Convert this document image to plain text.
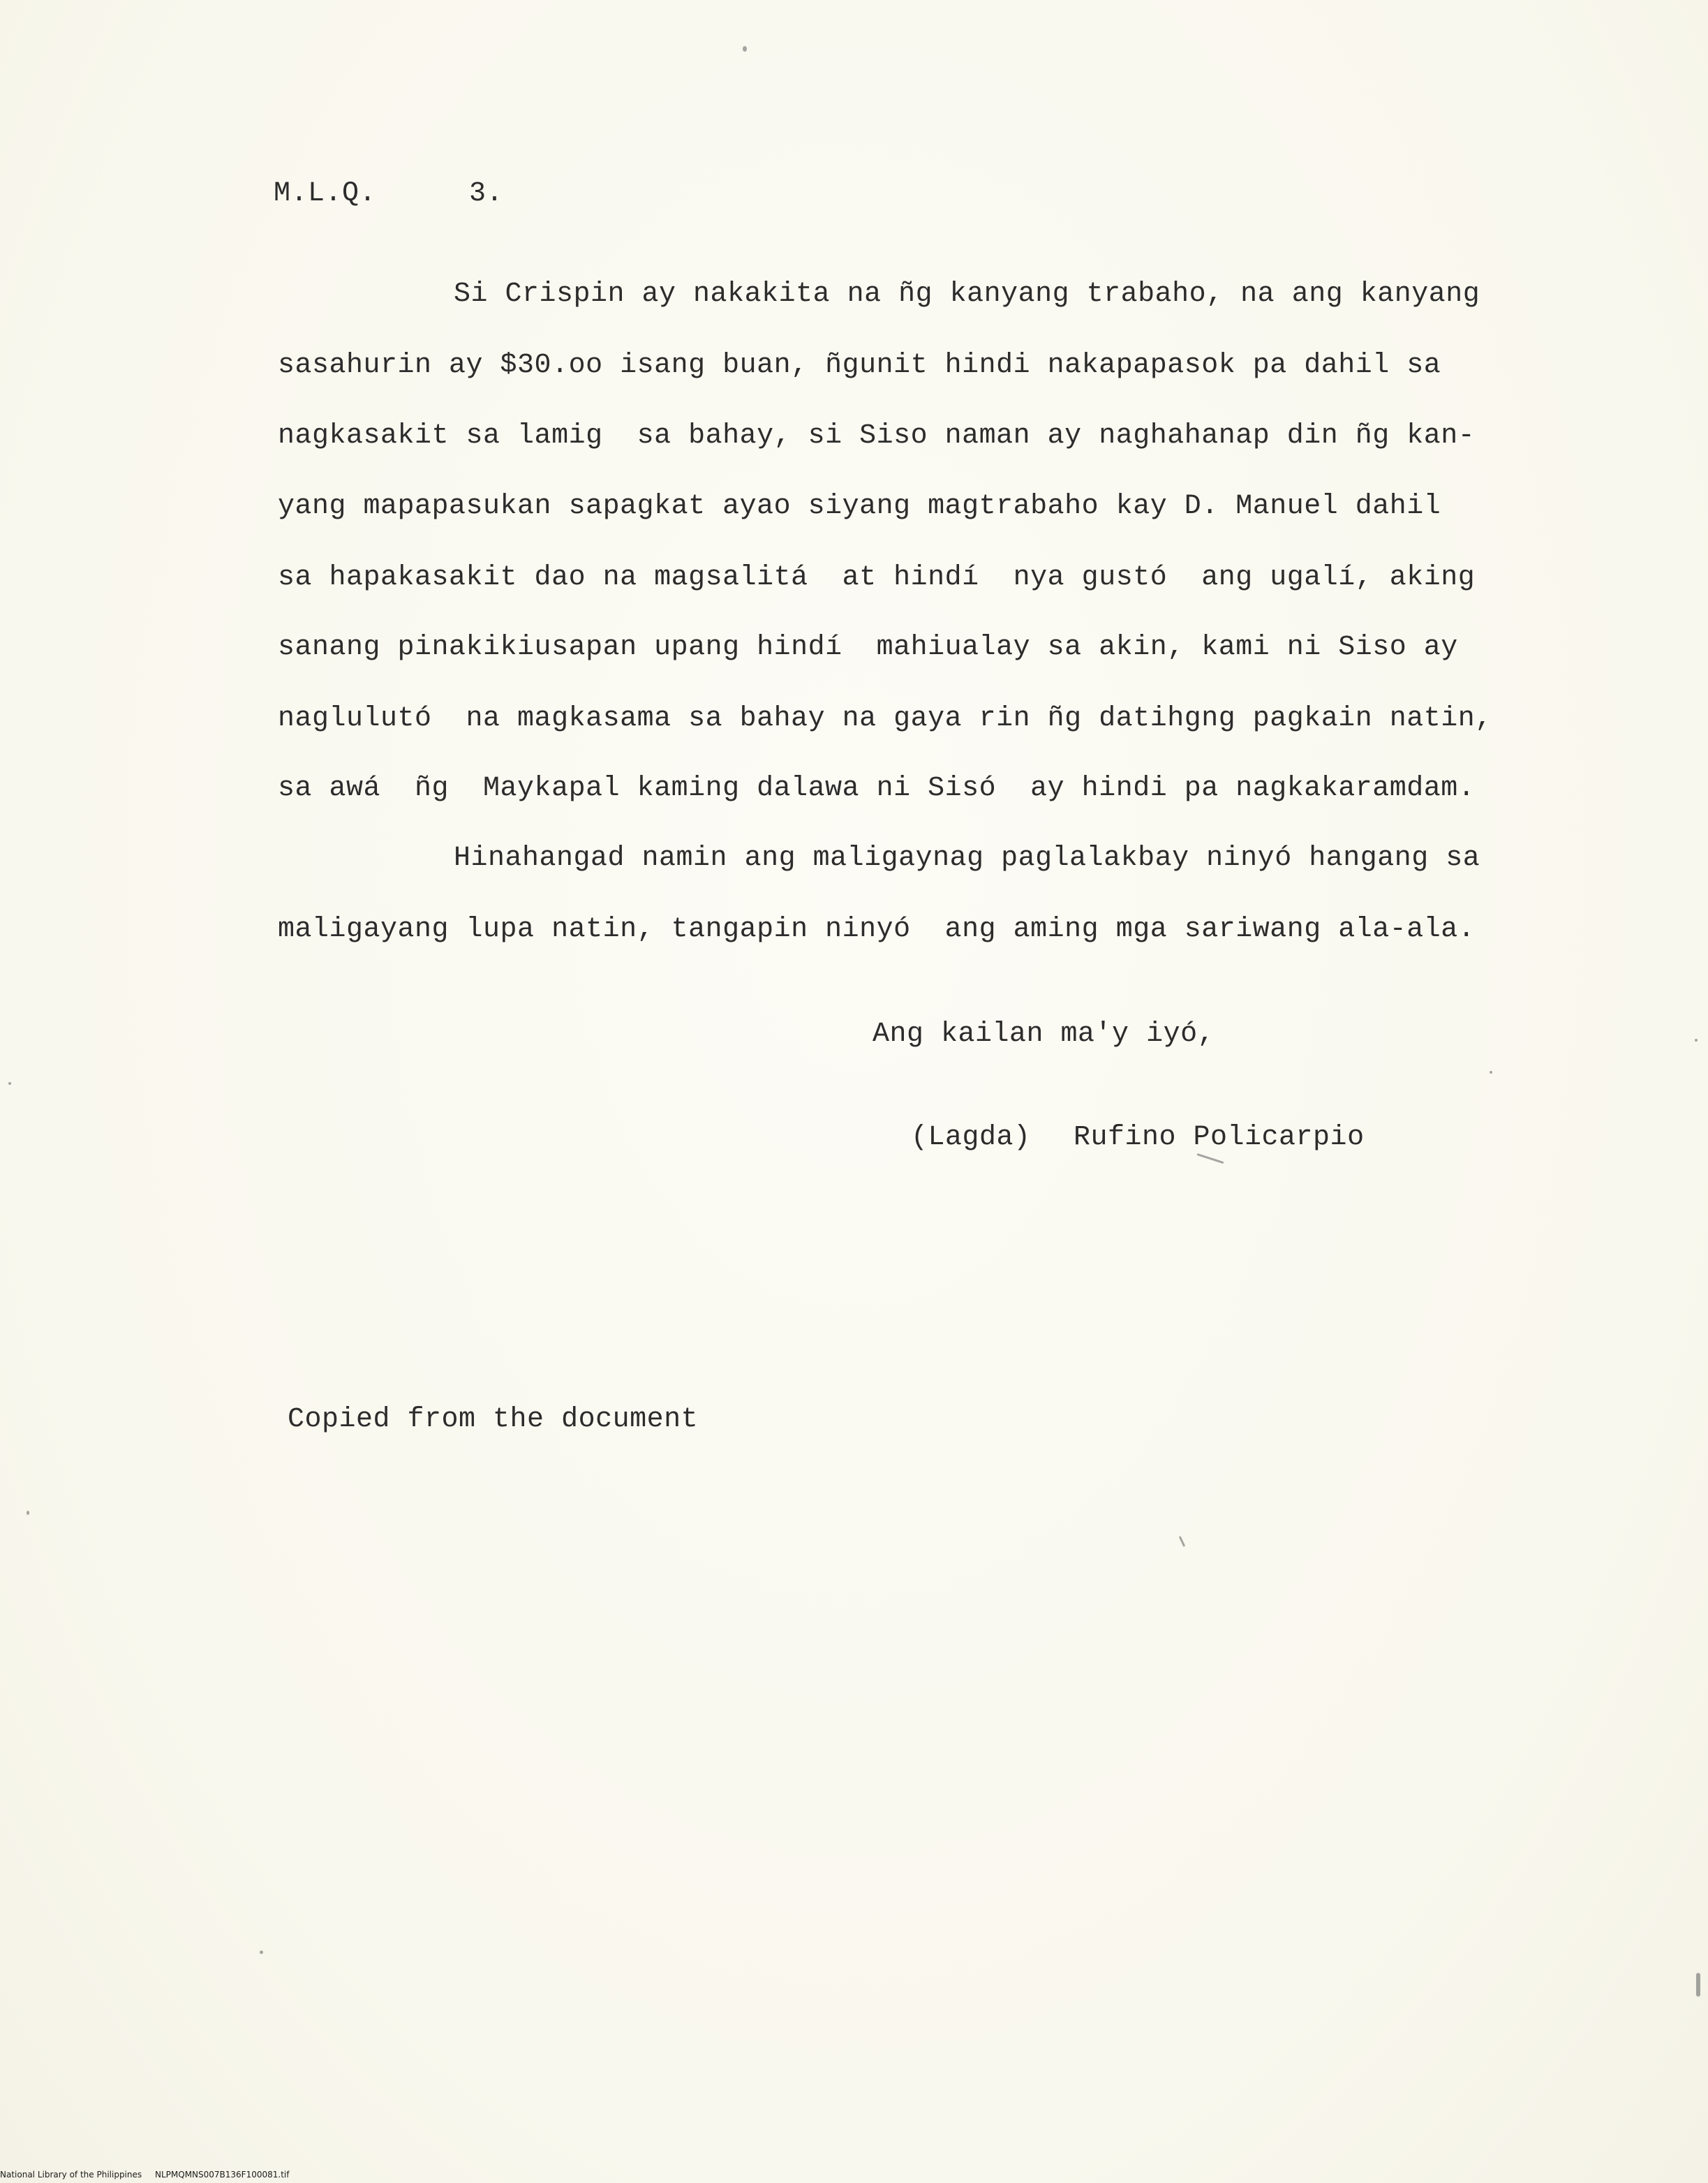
M.L.Q.	3.
Si Crispin ay nakakita na ñg kanyang trabaho, na ang kanyang
sasahurin ay $30.oo isang buan, ñgunit hindi nakapapasok pa dahil sa
nagkasakit sa lamig  sa bahay, si Siso naman ay naghahanap din ñg kan-
yang mapapasukan sapagkat ayao siyang magtrabaho kay D. Manuel dahil
sa hapakasakit dao na magsalitá  at hindí  nya gustó  ang ugalí, aking
sanang pinakikiusapan upang hindí  mahiualay sa akin, kami ni Siso ay
naglulutó  na magkasama sa bahay na gaya rin ñg datihgng pagkain natin,
sa awá  ñg  Maykapal kaming dalawa ni Sisó  ay hindi pa nagkakaramdam.
Hinahangad namin ang maligaynag paglalakbay ninyó hangang sa
maligayang lupa natin, tangapin ninyó  ang aming mga sariwang ala-ala.
Ang kailan ma'y iyó,
(Lagda) Rufino Policarpio
Copied from the document
National Library of the Philippines NLPMQMNS007B136F100081.tif
